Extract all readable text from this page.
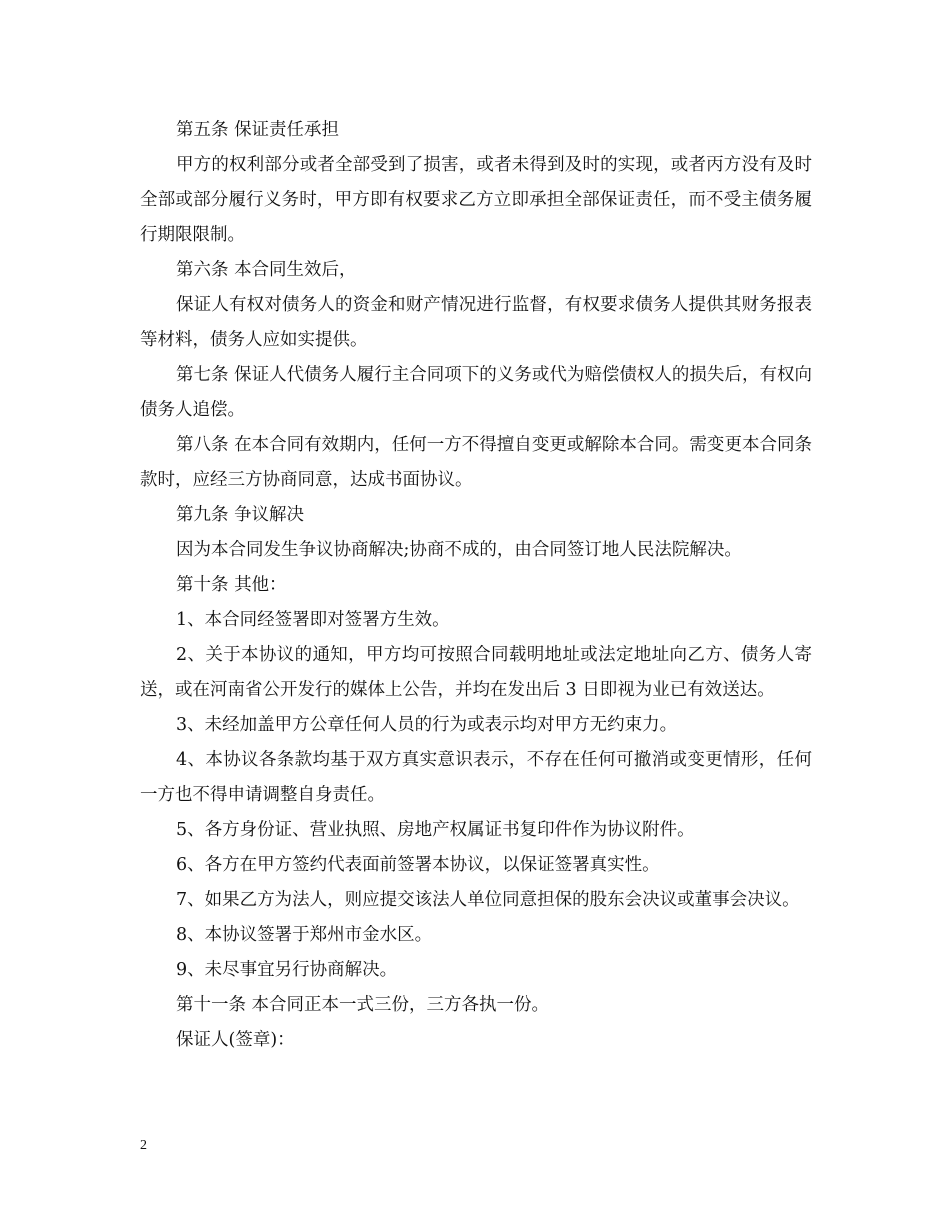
第五条 保证责任承担

甲方的权利部分或者全部受到了损害，或者未得到及时的实现，或者丙方没有及时全部或部分履行义务时，甲方即有权要求乙方立即承担全部保证责任，而不受主债务履行期限限制。

第六条 本合同生效后，

保证人有权对债务人的资金和财产情况进行监督，有权要求债务人提供其财务报表等材料，债务人应如实提供。

第七条 保证人代债务人履行主合同项下的义务或代为赔偿债权人的损失后，有权向债务人追偿。

第八条 在本合同有效期内，任何一方不得擅自变更或解除本合同。需变更本合同条款时，应经三方协商同意，达成书面协议。

第九条 争议解决

因为本合同发生争议协商解决;协商不成的，由合同签订地人民法院解决。

第十条 其他：

1、本合同经签署即对签署方生效。

2、关于本协议的通知，甲方均可按照合同载明地址或法定地址向乙方、债务人寄送，或在河南省公开发行的媒体上公告，并均在发出后 3 日即视为业已有效送达。

3、未经加盖甲方公章任何人员的行为或表示均对甲方无约束力。

4、本协议各条款均基于双方真实意识表示，不存在任何可撤消或变更情形，任何一方也不得申请调整自身责任。

5、各方身份证、营业执照、房地产权属证书复印件作为协议附件。

6、各方在甲方签约代表面前签署本协议，以保证签署真实性。

7、如果乙方为法人，则应提交该法人单位同意担保的股东会决议或董事会决议。

8、本协议签署于郑州市金水区。

9、未尽事宜另行协商解决。

第十一条 本合同正本一式三份，三方各执一份。

保证人(签章)：

2
